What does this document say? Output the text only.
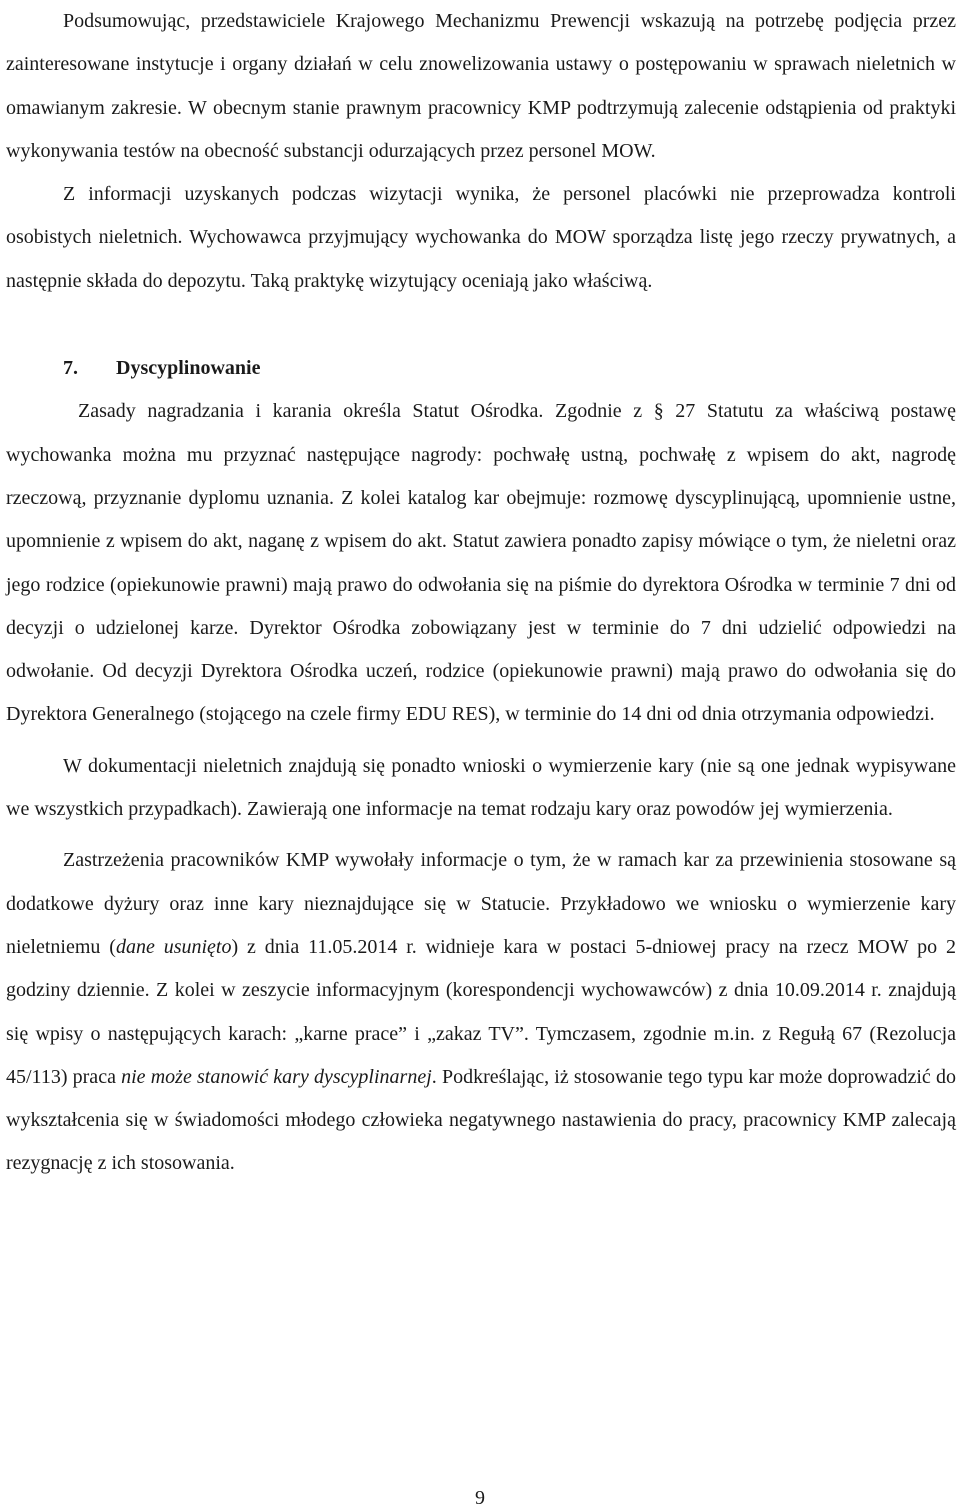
Podsumowując, przedstawiciele Krajowego Mechanizmu Prewencji wskazują na potrzebę podjęcia przez zainteresowane instytucje i organy działań w celu znowelizowania ustawy o postępowaniu w sprawach nieletnich w omawianym zakresie. W obecnym stanie prawnym pracownicy KMP podtrzymują zalecenie odstąpienia od praktyki wykonywania testów na obecność substancji odurzających przez personel MOW.

Z informacji uzyskanych podczas wizytacji wynika, że personel placówki nie przeprowadza kontroli osobistych nieletnich. Wychowawca przyjmujący wychowanka do MOW sporządza listę jego rzeczy prywatnych, a następnie składa do depozytu. Taką praktykę wizytujący oceniają jako właściwą.

7. Dyscyplinowanie

Zasady nagradzania i karania określa Statut Ośrodka. Zgodnie z § 27 Statutu za właściwą postawę wychowanka można mu przyznać następujące nagrody: pochwałę ustną, pochwałę z wpisem do akt, nagrodę rzeczową, przyznanie dyplomu uznania. Z kolei katalog kar obejmuje: rozmowę dyscyplinującą, upomnienie ustne, upomnienie z wpisem do akt, naganę z wpisem do akt. Statut zawiera ponadto zapisy mówiące o tym, że nieletni oraz jego rodzice (opiekunowie prawni) mają prawo do odwołania się na piśmie do dyrektora Ośrodka w terminie 7 dni od decyzji o udzielonej karze. Dyrektor Ośrodka zobowiązany jest w terminie do 7 dni udzielić odpowiedzi na odwołanie. Od decyzji Dyrektora Ośrodka uczeń, rodzice (opiekunowie prawni) mają prawo do odwołania się do Dyrektora Generalnego (stojącego na czele firmy EDU RES), w terminie do 14 dni od dnia otrzymania odpowiedzi.

W dokumentacji nieletnich znajdują się ponadto wnioski o wymierzenie kary (nie są one jednak wypisywane we wszystkich przypadkach). Zawierają one informacje na temat rodzaju kary oraz powodów jej wymierzenia.

Zastrzeżenia pracowników KMP wywołały informacje o tym, że w ramach kar za przewinienia stosowane są dodatkowe dyżury oraz inne kary nieznajdujące się w Statucie. Przykładowo we wniosku o wymierzenie kary nieletniemu (dane usunięto) z dnia 11.05.2014 r. widnieje kara w postaci 5-dniowej pracy na rzecz MOW po 2 godziny dziennie. Z kolei w zeszycie informacyjnym (korespondencji wychowawców) z dnia 10.09.2014 r. znajdują się wpisy o następujących karach: „karne prace” i „zakaz TV”. Tymczasem, zgodnie m.in. z Regułą 67 (Rezolucja 45/113) praca nie może stanowić kary dyscyplinarnej. Podkreślając, iż stosowanie tego typu kar może doprowadzić do wykształcenia się w świadomości młodego człowieka negatywnego nastawienia do pracy, pracownicy KMP zalecają rezygnację z ich stosowania.

9
